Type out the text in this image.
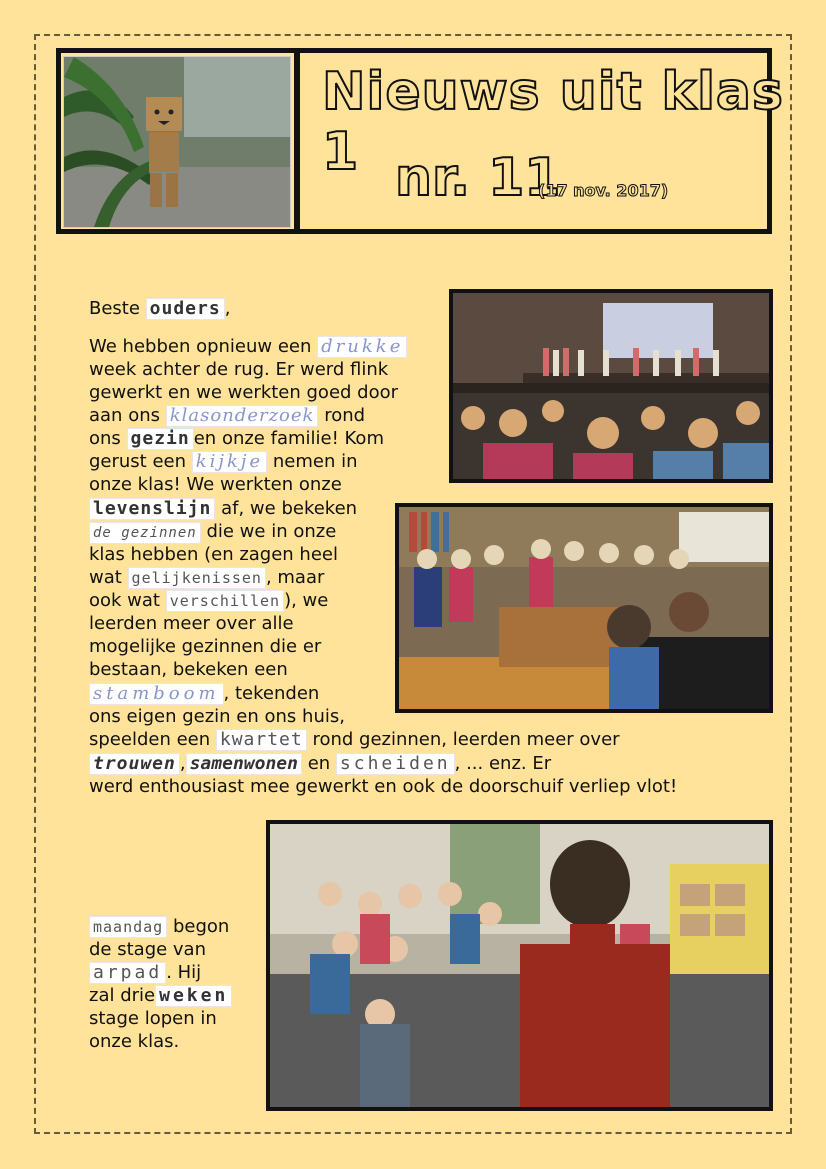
Nieuws uit klas 1 nr. 11
(17 nov. 2017)
Beste ouders ,
We hebben opnieuw een drukke
week achter de rug. Er werd flink
gewerkt en we werkten goed door
aan ons klasonderzoek rond
ons gezin en onze familie! Kom
gerust een kijkje nemen in
onze klas! We werkten onze
levenslijn af, we bekeken
de gezinnen die we in onze
klas hebben (en zagen heel
wat gelijkenissen , maar
ook wat verschillen ), we
leerden meer over alle
mogelijke gezinnen die er
bestaan, bekeken een
stamboom , tekenden
ons eigen gezin en ons huis,
speelden een kwartet rond gezinnen, leerden meer over
trouwen , samenwonen en scheiden , ... enz. Er
werd enthousiast mee gewerkt en ook de doorschuif verliep vlot!
maandag begon
de stage van
arpad . Hij
zal drie weken
stage lopen in
onze klas.
